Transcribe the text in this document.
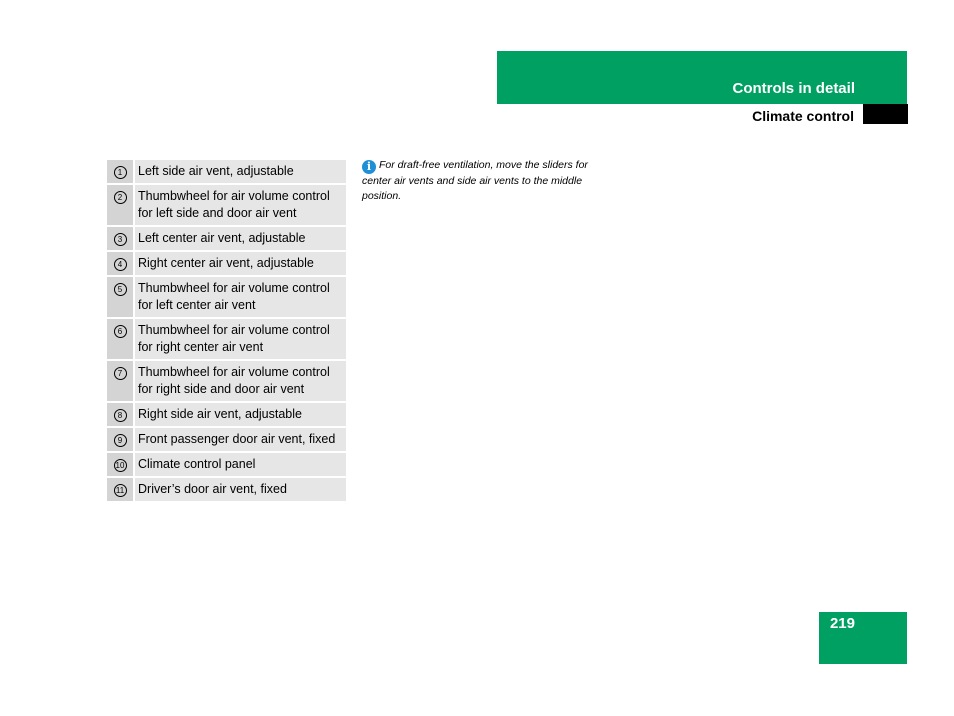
Controls in detail
Climate control
1	Left side air vent, adjustable
2	Thumbwheel for air volume control for left side and door air vent
3	Left center air vent, adjustable
4	Right center air vent, adjustable
5	Thumbwheel for air volume control for left center air vent
6	Thumbwheel for air volume control for right center air vent
7	Thumbwheel for air volume control for right side and door air vent
8	Right side air vent, adjustable
9	Front passenger door air vent, fixed
10	Climate control panel
11	Driver’s door air vent, fixed
i For draft-free ventilation, move the sliders for center air vents and side air vents to the middle position.
219
